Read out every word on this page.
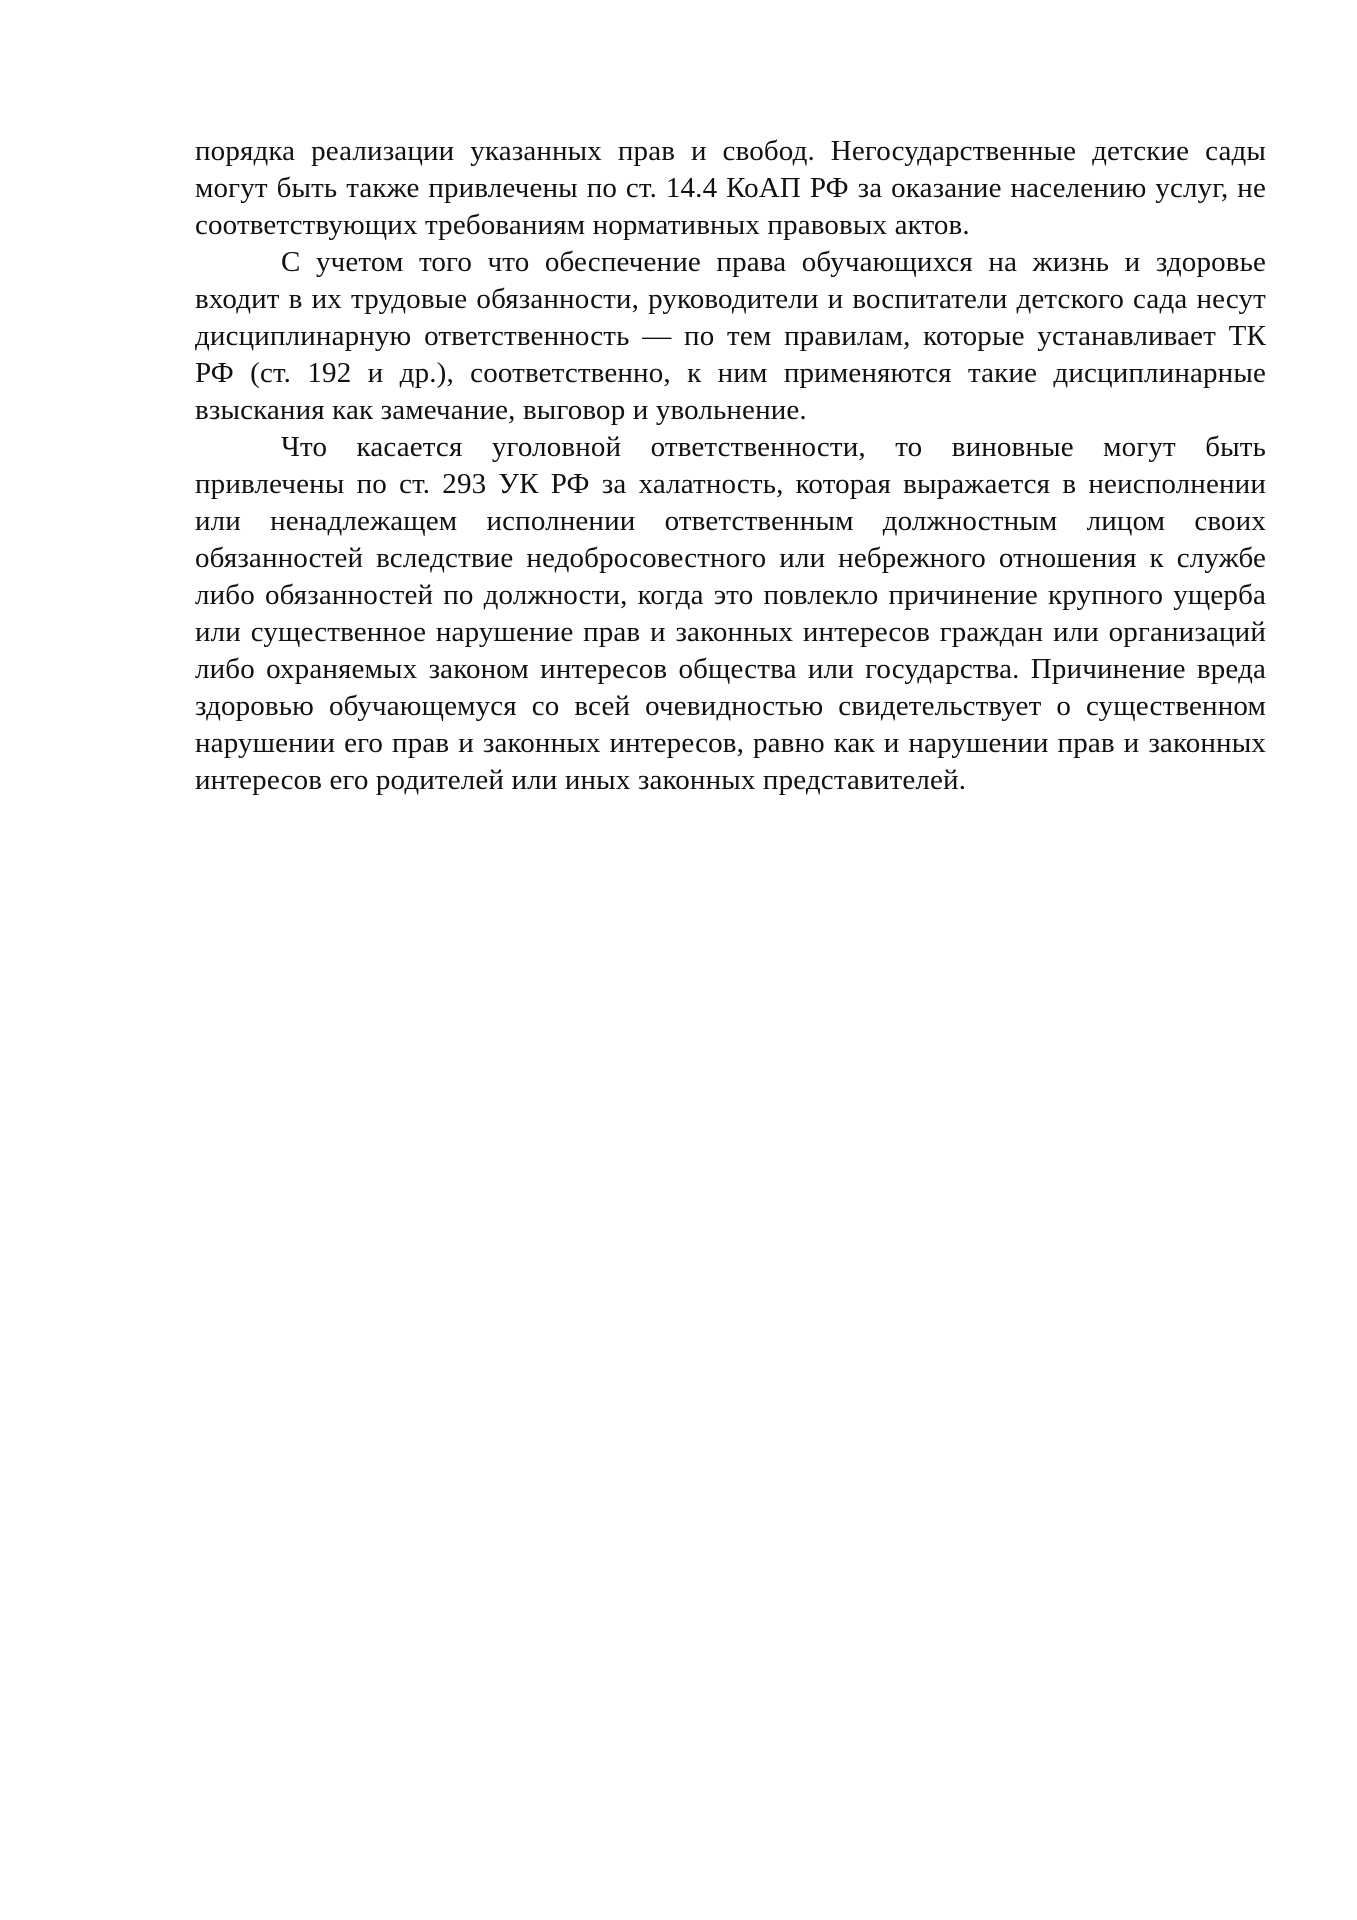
порядка реализации указанных прав и свобод. Негосударственные детские сады могут быть также привлечены по ст. 14.4 КоАП РФ за оказание населению услуг, не соответствующих требованиям нормативных правовых актов.

С учетом того что обеспечение права обучающихся на жизнь и здоровье входит в их трудовые обязанности, руководители и воспитатели детского сада несут дисциплинарную ответственность — по тем правилам, которые устанавливает ТК РФ (ст. 192 и др.), соответственно, к ним применяются такие дисциплинарные взыскания как замечание, выговор и увольнение.

Что касается уголовной ответственности, то виновные могут быть привлечены по ст. 293 УК РФ за халатность, которая выражается в неисполнении или ненадлежащем исполнении ответственным должностным лицом своих обязанностей вследствие недобросовестного или небрежного отношения к службе либо обязанностей по должности, когда это повлекло причинение крупного ущерба или существенное нарушение прав и законных интересов граждан или организаций либо охраняемых законом интересов общества или государства. Причинение вреда здоровью обучающемуся со всей очевидностью свидетельствует о существенном нарушении его прав и законных интересов, равно как и нарушении прав и законных интересов его родителей или иных законных представителей.
